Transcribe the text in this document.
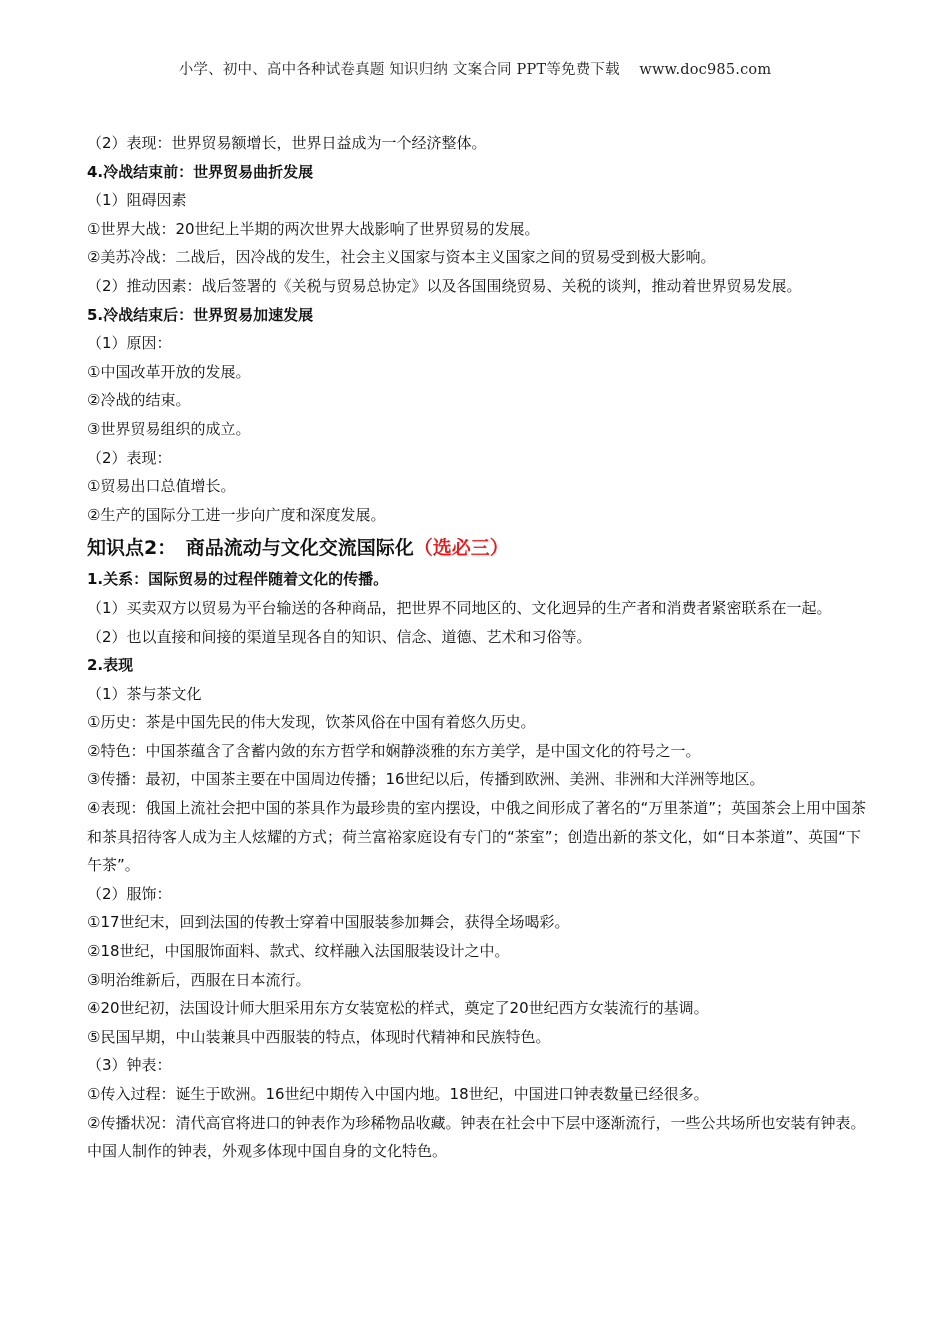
小学、初中、高中各种试卷真题 知识归纳 文案合同 PPT等免费下载　 www.doc985.com
（2）表现：世界贸易额增长，世界日益成为一个经济整体。
4.冷战结束前：世界贸易曲折发展
（1）阻碍因素
①世界大战：20世纪上半期的两次世界大战影响了世界贸易的发展。
②美苏冷战：二战后，因冷战的发生，社会主义国家与资本主义国家之间的贸易受到极大影响。
（2）推动因素：战后签署的《关税与贸易总协定》以及各国围绕贸易、关税的谈判，推动着世界贸易发展。
5.冷战结束后：世界贸易加速发展
（1）原因：
①中国改革开放的发展。
②冷战的结束。
③世界贸易组织的成立。
（2）表现：
①贸易出口总值增长。
②生产的国际分工进一步向广度和深度发展。
知识点2：　商品流动与文化交流国际化（选必三）
1.关系：国际贸易的过程伴随着文化的传播。
（1）买卖双方以贸易为平台输送的各种商品，把世界不同地区的、文化迥异的生产者和消费者紧密联系在一起。
（2）也以直接和间接的渠道呈现各自的知识、信念、道德、艺术和习俗等。
2.表现
（1）茶与茶文化
①历史：茶是中国先民的伟大发现，饮茶风俗在中国有着悠久历史。
②特色：中国茶蕴含了含蓄内敛的东方哲学和娴静淡雅的东方美学，是中国文化的符号之一。
③传播：最初，中国茶主要在中国周边传播；16世纪以后，传播到欧洲、美洲、非洲和大洋洲等地区。
④表现：俄国上流社会把中国的茶具作为最珍贵的室内摆设，中俄之间形成了著名的“万里茶道”；英国茶会上用中国茶和茶具招待客人成为主人炫耀的方式；荷兰富裕家庭设有专门的“茶室”；创造出新的茶文化，如“日本茶道”、英国“下午茶”。
（2）服饰：
①17世纪末，回到法国的传教士穿着中国服装参加舞会，获得全场喝彩。
②18世纪，中国服饰面料、款式、纹样融入法国服装设计之中。
③明治维新后，西服在日本流行。
④20世纪初，法国设计师大胆采用东方女装宽松的样式，奠定了20世纪西方女装流行的基调。
⑤民国早期，中山装兼具中西服装的特点，体现时代精神和民族特色。
（3）钟表：
①传入过程：诞生于欧洲。16世纪中期传入中国内地。18世纪，中国进口钟表数量已经很多。
②传播状况：清代高官将进口的钟表作为珍稀物品收藏。钟表在社会中下层中逐渐流行，一些公共场所也安装有钟表。中国人制作的钟表，外观多体现中国自身的文化特色。
